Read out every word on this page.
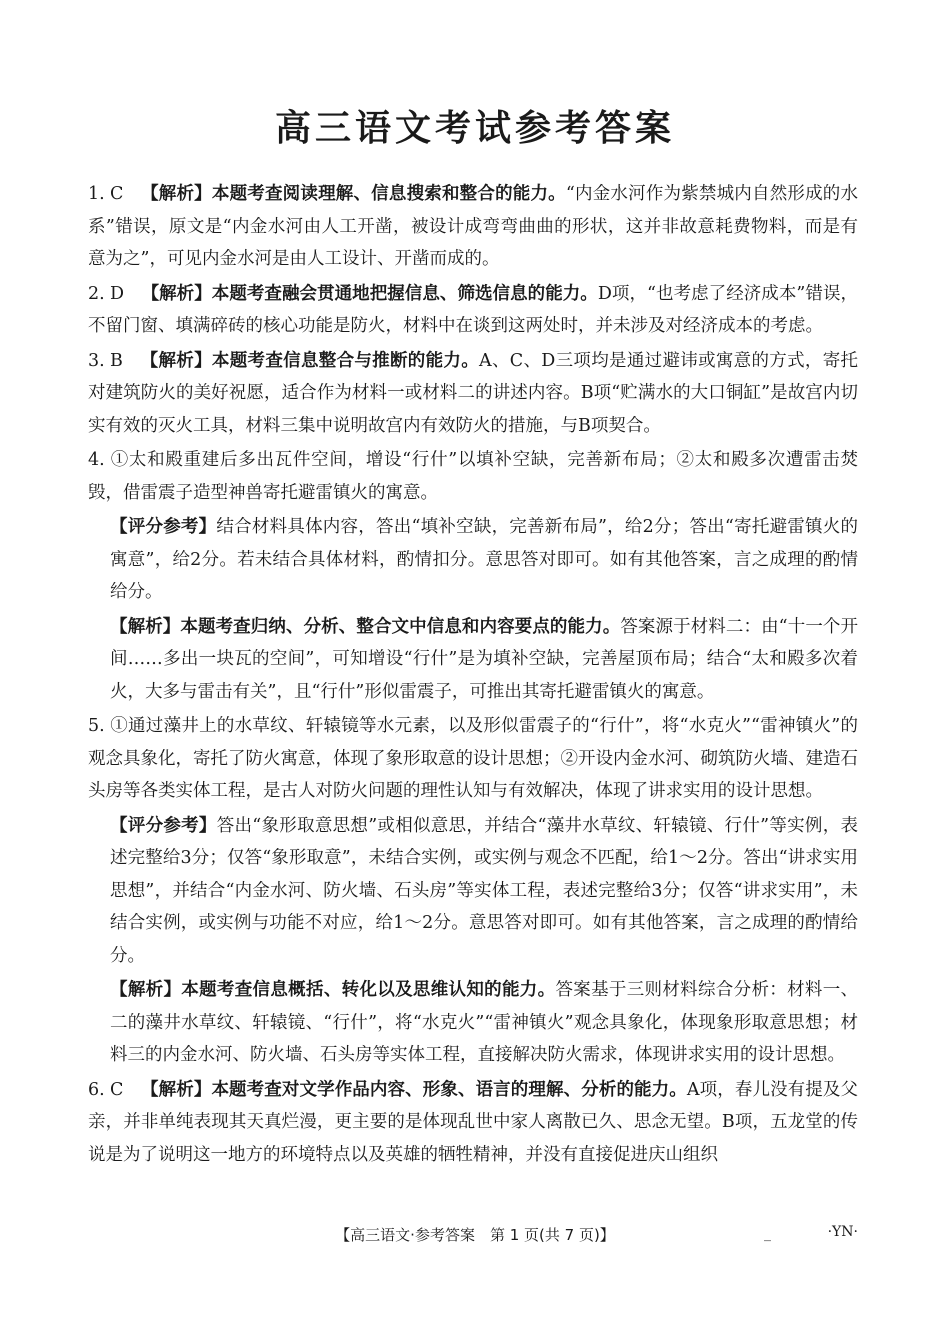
高三语文考试参考答案
1. C  【解析】本题考查阅读理解、信息搜索和整合的能力。“内金水河作为紫禁城内自然形成的水系”错误，原文是“内金水河由人工开凿，被设计成弯弯曲曲的形状，这并非故意耗费物料，而是有意为之”，可见内金水河是由人工设计、开凿而成的。
2. D  【解析】本题考查融会贯通地把握信息、筛选信息的能力。D项，“也考虑了经济成本”错误，不留门窗、填满碎砖的核心功能是防火，材料中在谈到这两处时，并未涉及对经济成本的考虑。
3. B  【解析】本题考查信息整合与推断的能力。A、C、D三项均是通过避讳或寓意的方式，寄托对建筑防火的美好祝愿，适合作为材料一或材料二的讲述内容。B项“贮满水的大口铜缸”是故宫内切实有效的灭火工具，材料三集中说明故宫内有效防火的措施，与B项契合。
4. ①太和殿重建后多出瓦件空间，增设“行什”以填补空缺，完善新布局；②太和殿多次遭雷击焚毁，借雷震子造型神兽寄托避雷镇火的寓意。
【评分参考】结合材料具体内容，答出“填补空缺，完善新布局”，给2分；答出“寄托避雷镇火的寓意”，给2分。若未结合具体材料，酌情扣分。意思答对即可。如有其他答案，言之成理的酌情给分。
【解析】本题考查归纳、分析、整合文中信息和内容要点的能力。答案源于材料二：由“十一个开间……多出一块瓦的空间”，可知增设“行什”是为填补空缺，完善屋顶布局；结合“太和殿多次着火，大多与雷击有关”，且“行什”形似雷震子，可推出其寄托避雷镇火的寓意。
5. ①通过藻井上的水草纹、轩辕镜等水元素，以及形似雷震子的“行什”，将“水克火”“雷神镇火”的观念具象化，寄托了防火寓意，体现了象形取意的设计思想；②开设内金水河、砌筑防火墙、建造石头房等各类实体工程，是古人对防火问题的理性认知与有效解决，体现了讲求实用的设计思想。
【评分参考】答出“象形取意思想”或相似意思，并结合“藻井水草纹、轩辕镜、行什”等实例，表述完整给3分；仅答“象形取意”，未结合实例，或实例与观念不匹配，给1～2分。答出“讲求实用思想”，并结合“内金水河、防火墙、石头房”等实体工程，表述完整给3分；仅答“讲求实用”，未结合实例，或实例与功能不对应，给1～2分。意思答对即可。如有其他答案，言之成理的酌情给分。
【解析】本题考查信息概括、转化以及思维认知的能力。答案基于三则材料综合分析：材料一、二的藻井水草纹、轩辕镜、“行什”，将“水克火”“雷神镇火”观念具象化，体现象形取意思想；材料三的内金水河、防火墙、石头房等实体工程，直接解决防火需求，体现讲求实用的设计思想。
6. C  【解析】本题考查对文学作品内容、形象、语言的理解、分析的能力。A项，春儿没有提及父亲，并非单纯表现其天真烂漫，更主要的是体现乱世中家人离散已久、思念无望。B项，五龙堂的传说是为了说明这一地方的环境特点以及英雄的牺牲精神，并没有直接促进庆山组织
【高三语文·参考答案　第 1 页(共 7 页)】	_	·YN·
